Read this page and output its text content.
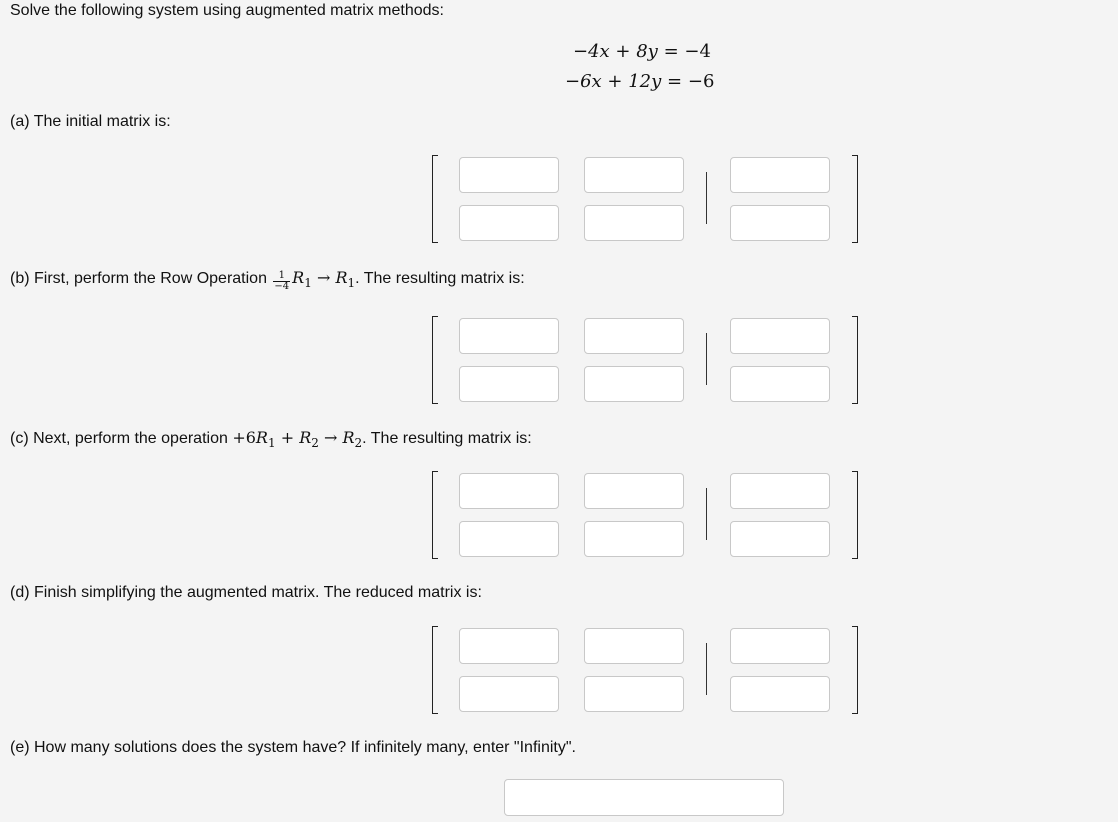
Solve the following system using augmented matrix methods:
−4x + 8y = −4
−6x + 12y = −6
(a) The initial matrix is:
(b) First, perform the Row Operation $\frac{1}{-4} R_1 \to R_1$. The resulting matrix is:
(c) Next, perform the operation $+6R_1 + R_2 \to R_2$. The resulting matrix is:
(d) Finish simplifying the augmented matrix. The reduced matrix is:
(e) How many solutions does the system have? If infinitely many, enter "Infinity".
